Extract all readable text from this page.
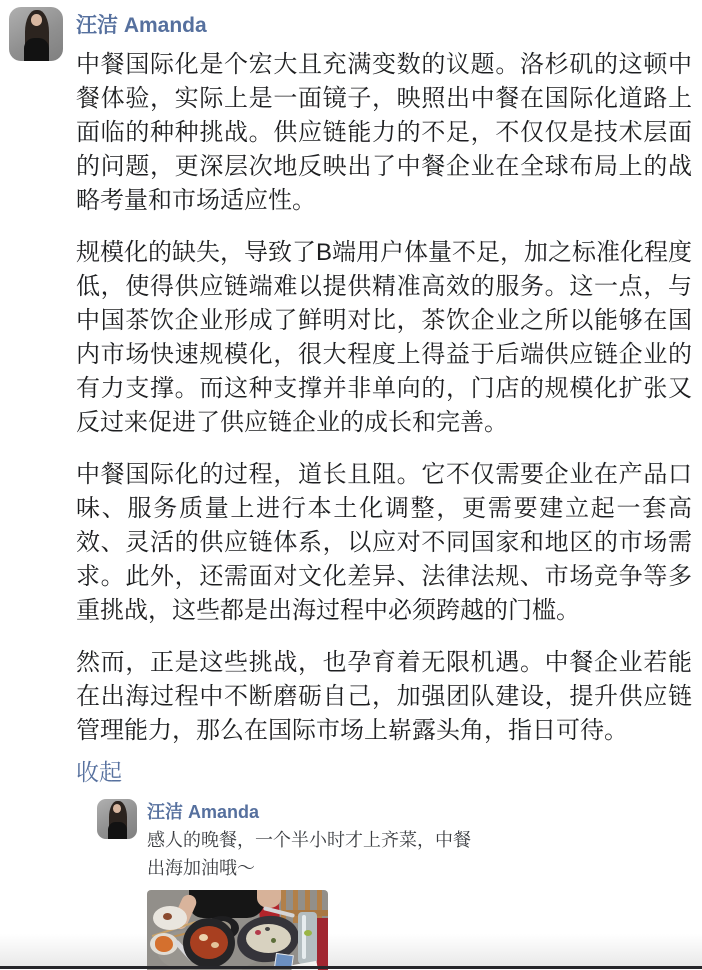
汪洁 Amanda

中餐国际化是个宏大且充满变数的议题。洛杉矶的这顿中餐体验，实际上是一面镜子，映照出中餐在国际化道路上面临的种种挑战。供应链能力的不足，不仅仅是技术层面的问题，更深层次地反映出了中餐企业在全球布局上的战略考量和市场适应性。

规模化的缺失，导致了B端用户体量不足，加之标准化程度低，使得供应链端难以提供精准高效的服务。这一点，与中国茶饮企业形成了鲜明对比，茶饮企业之所以能够在国内市场快速规模化，很大程度上得益于后端供应链企业的有力支撑。而这种支撑并非单向的，门店的规模化扩张又反过来促进了供应链企业的成长和完善。

中餐国际化的过程，道长且阻。它不仅需要企业在产品口味、服务质量上进行本土化调整，更需要建立起一套高效、灵活的供应链体系，以应对不同国家和地区的市场需求。此外，还需面对文化差异、法律法规、市场竞争等多重挑战，这些都是出海过程中必须跨越的门槛。

然而，正是这些挑战，也孕育着无限机遇。中餐企业若能在出海过程中不断磨砺自己，加强团队建设，提升供应链管理能力，那么在国际市场上崭露头角，指日可待。

收起
汪洁 Amanda
感人的晚餐，一个半小时才上齐菜，中餐出海加油哦～
